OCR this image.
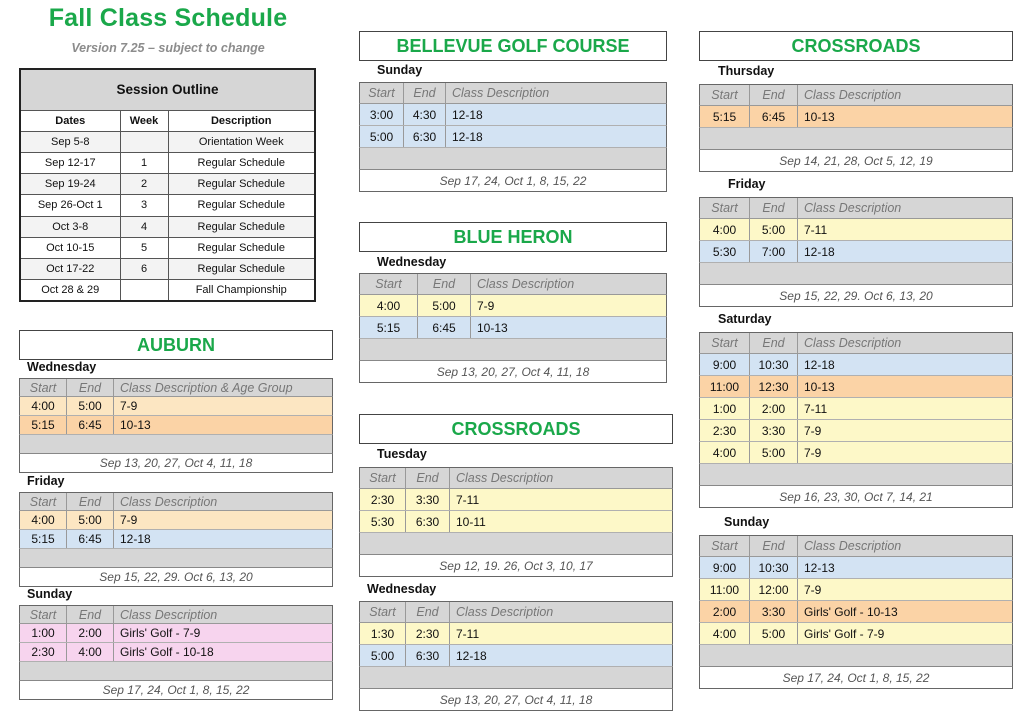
Fall Class Schedule
Version 7.25 – subject to change
Session Outline		
Dates	Week	Description
Sep 5-8		Orientation Week
Sep 12-17	1	Regular Schedule
Sep 19-24	2	Regular Schedule
Sep 26-Oct 1	3	Regular Schedule
Oct 3-8	4	Regular Schedule
Oct 10-15	5	Regular Schedule
Oct 17-22	6	Regular Schedule
Oct 28 & 29		Fall Championship
AUBURN
BELLEVUE GOLF COURSE
BLUE HERON
CROSSROADS
CROSSROADS
Wednesday
Start	End	Class Description & Age Group
4:00	5:00	7-9
5:15	6:45	10-13
Sep 13, 20, 27, Oct 4, 11, 18
Friday
Start	End	Class Description
4:00	5:00	7-9
5:15	6:45	12-18
Sep 15, 22, 29. Oct 6, 13, 20
Sunday
Start	End	Class Description
1:00	2:00	Girls' Golf - 7-9
2:30	4:00	Girls' Golf - 10-18
Sep 17, 24, Oct 1, 8, 15, 22
Sunday
Start	End	Class Description
3:00	4:30	12-18
5:00	6:30	12-18
Sep 17, 24, Oct 1, 8, 15, 22
Wednesday
Start	End	Class Description
4:00	5:00	7-9
5:15	6:45	10-13
Sep 13, 20, 27, Oct 4, 11, 18
Tuesday
Start	End	Class Description
2:30	3:30	7-11
5:30	6:30	10-11
Sep 12, 19. 26, Oct 3, 10, 17
Wednesday
Start	End	Class Description
1:30	2:30	7-11
5:00	6:30	12-18
Sep 13, 20, 27, Oct 4, 11, 18
Thursday
Start	End	Class Description
5:15	6:45	10-13
Sep 14, 21, 28, Oct 5, 12, 19
Friday
Start	End	Class Description
4:00	5:00	7-11
5:30	7:00	12-18
Sep 15, 22, 29. Oct 6, 13, 20
Saturday
Start	End	Class Description
9:00	10:30	12-18
11:00	12:30	10-13
1:00	2:00	7-11
2:30	3:30	7-9
4:00	5:00	7-9
Sep 16, 23, 30, Oct 7, 14, 21
Sunday
Start	End	Class Description
9:00	10:30	12-13
11:00	12:00	7-9
2:00	3:30	Girls' Golf - 10-13
4:00	5:00	Girls' Golf - 7-9
Sep 17, 24, Oct 1, 8, 15, 22
